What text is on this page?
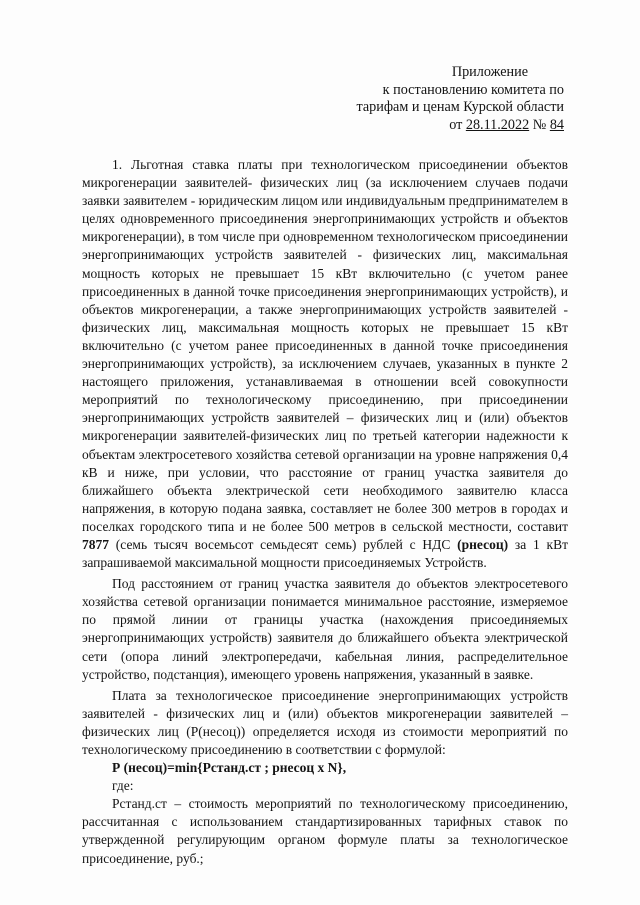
Приложение
к постановлению комитета по
тарифам и ценам Курской области
от 28.11.2022 № 84

1. Льготная ставка платы при технологическом присоединении объектов микрогенерации заявителей- физических лиц (за исключением случаев подачи заявки заявителем - юридическим лицом или индивидуальным предпринимателем в целях одновременного присоединения энергопринимающих устройств и объектов микрогенерации), в том числе при одновременном технологическом присоединении энергопринимающих устройств заявителей - физических лиц, максимальная мощность которых не превышает 15 кВт включительно (с учетом ранее присоединенных в данной точке присоединения энергопринимающих устройств), и объектов микрогенерации, а также энергопринимающих устройств заявителей - физических лиц, максимальная мощность которых не превышает 15 кВт включительно (с учетом ранее присоединенных в данной точке присоединения энергопринимающих устройств), за исключением случаев, указанных в пункте 2 настоящего приложения, устанавливаемая в отношении всей совокупности мероприятий по технологическому присоединению, при присоединении энергопринимающих устройств заявителей – физических лиц и (или) объектов микрогенерации заявителей-физических лиц по третьей категории надежности к объектам электросетевого хозяйства сетевой организации на уровне напряжения 0,4 кВ и ниже, при условии, что расстояние от границ участка заявителя до ближайшего объекта электрической сети необходимого заявителю класса напряжения, в которую подана заявка, составляет не более 300 метров в городах и поселках городского типа и не более 500 метров в сельской местности, составит 7877 (семь тысяч восемьсот семьдесят семь) рублей с НДС (рнесоц) за 1 кВт запрашиваемой максимальной мощности присоединяемых Устройств.

Под расстоянием от границ участка заявителя до объектов электросетевого хозяйства сетевой организации понимается минимальное расстояние, измеряемое по прямой линии от границы участка (нахождения присоединяемых энергопринимающих устройств) заявителя до ближайшего объекта электрической сети (опора линий электропередачи, кабельная линия, распределительное устройство, подстанция), имеющего уровень напряжения, указанный в заявке.

Плата за технологическое присоединение энергопринимающих устройств заявителей - физических лиц и (или) объектов микрогенерации заявителей – физических лиц (Р(несоц)) определяется исходя из стоимости мероприятий по технологическому присоединению в соответствии с формулой:

Р (несоц)=min{Рстанд.ст ; рнесоц x N},
где:

Рстанд.ст – стоимость мероприятий по технологическому присоединению, рассчитанная с использованием стандартизированных тарифных ставок по утвержденной регулирующим органом формуле платы за технологическое присоединение, руб.;
